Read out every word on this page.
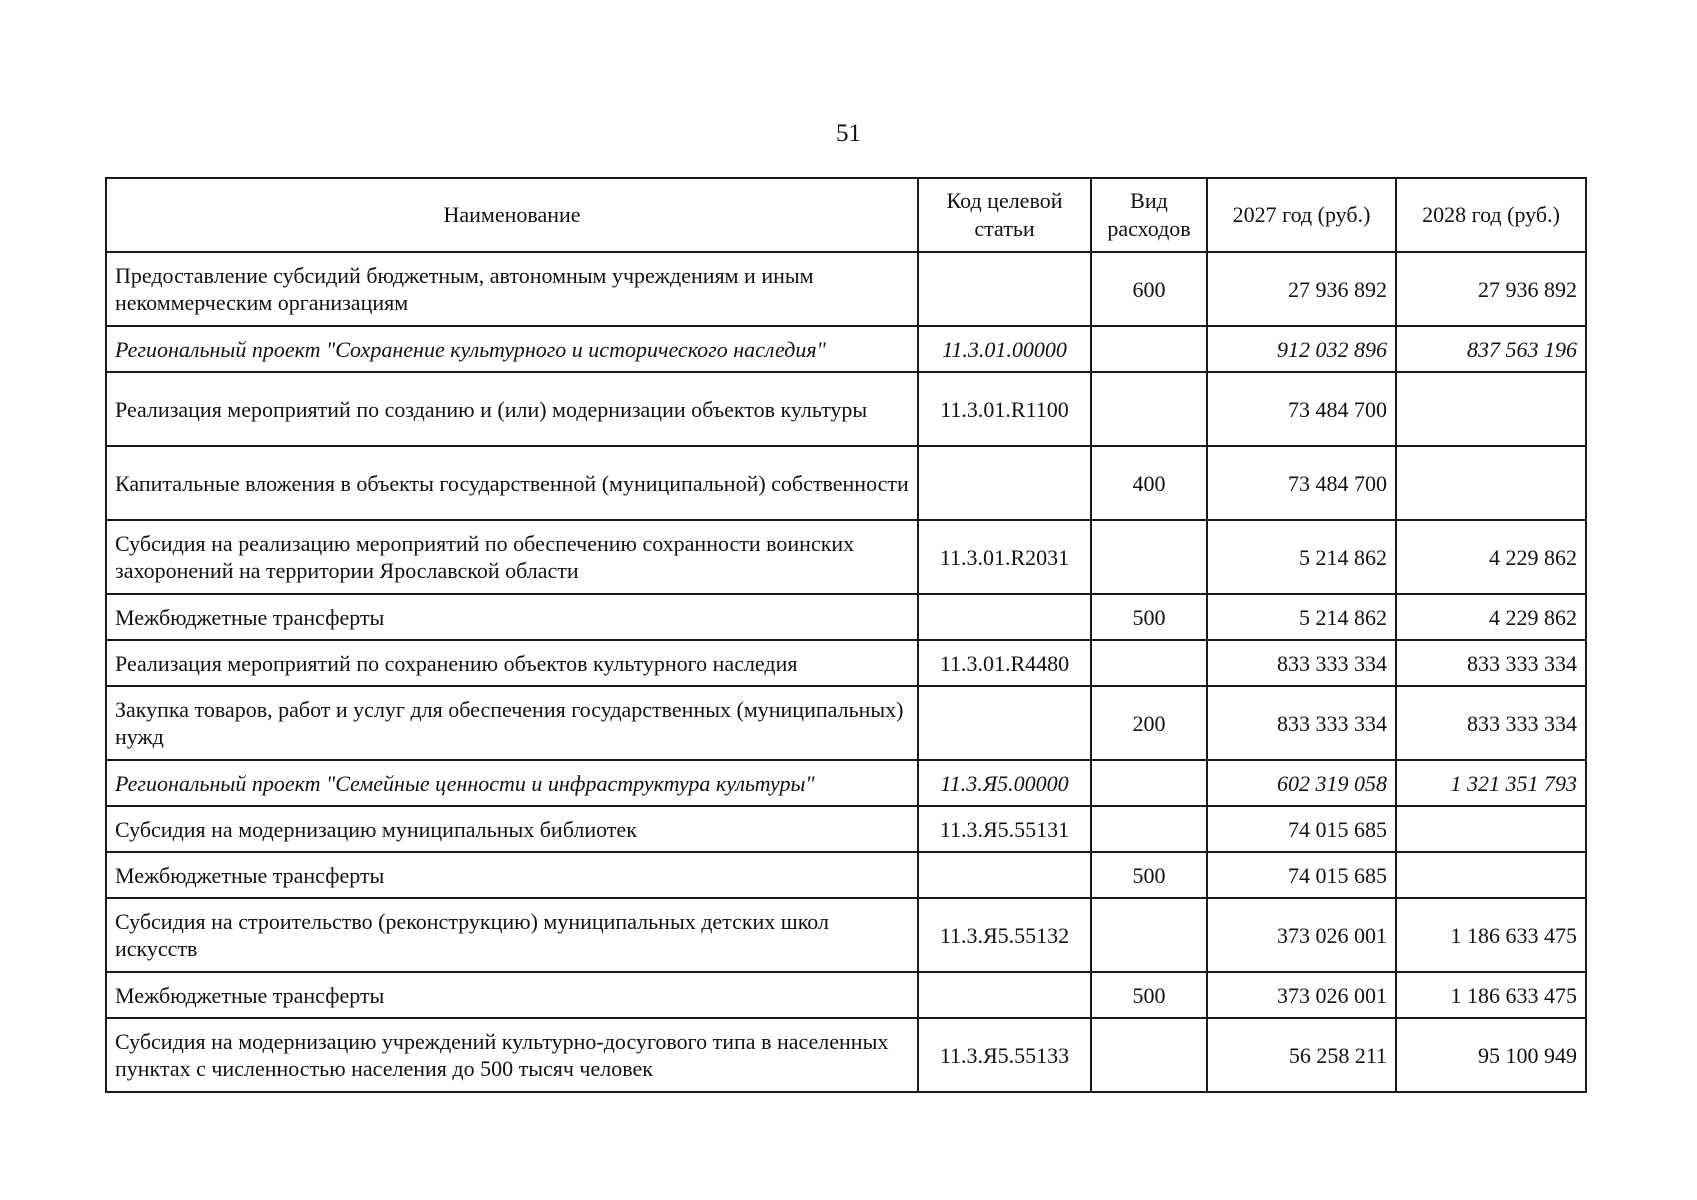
51
Наименование	Код целевой статьи	Вид расходов	2027 год (руб.)	2028 год (руб.)
Предоставление субсидий бюджетным, автономным учреждениям и иным некоммерческим организациям		600	27 936 892	27 936 892
Региональный проект "Сохранение культурного и исторического наследия"	11.3.01.00000		912 032 896	837 563 196
Реализация мероприятий по созданию и (или) модернизации объектов культуры	11.3.01.R1100		73 484 700	
Капитальные вложения в объекты государственной (муниципальной) собственности		400	73 484 700	
Субсидия на реализацию мероприятий по обеспечению сохранности воинских захоронений на территории Ярославской области	11.3.01.R2031		5 214 862	4 229 862
Межбюджетные трансферты		500	5 214 862	4 229 862
Реализация мероприятий по сохранению объектов культурного наследия	11.3.01.R4480		833 333 334	833 333 334
Закупка товаров, работ и услуг для обеспечения государственных (муниципальных) нужд		200	833 333 334	833 333 334
Региональный проект "Семейные ценности и инфраструктура культуры"	11.3.Я5.00000		602 319 058	1 321 351 793
Субсидия на модернизацию муниципальных библиотек	11.3.Я5.55131		74 015 685	
Межбюджетные трансферты		500	74 015 685	
Субсидия на строительство (реконструкцию) муниципальных детских школ искусств	11.3.Я5.55132		373 026 001	1 186 633 475
Межбюджетные трансферты		500	373 026 001	1 186 633 475
Субсидия на модернизацию учреждений культурно-досугового типа в населенных пунктах с численностью населения до 500 тысяч человек	11.3.Я5.55133		56 258 211	95 100 949
